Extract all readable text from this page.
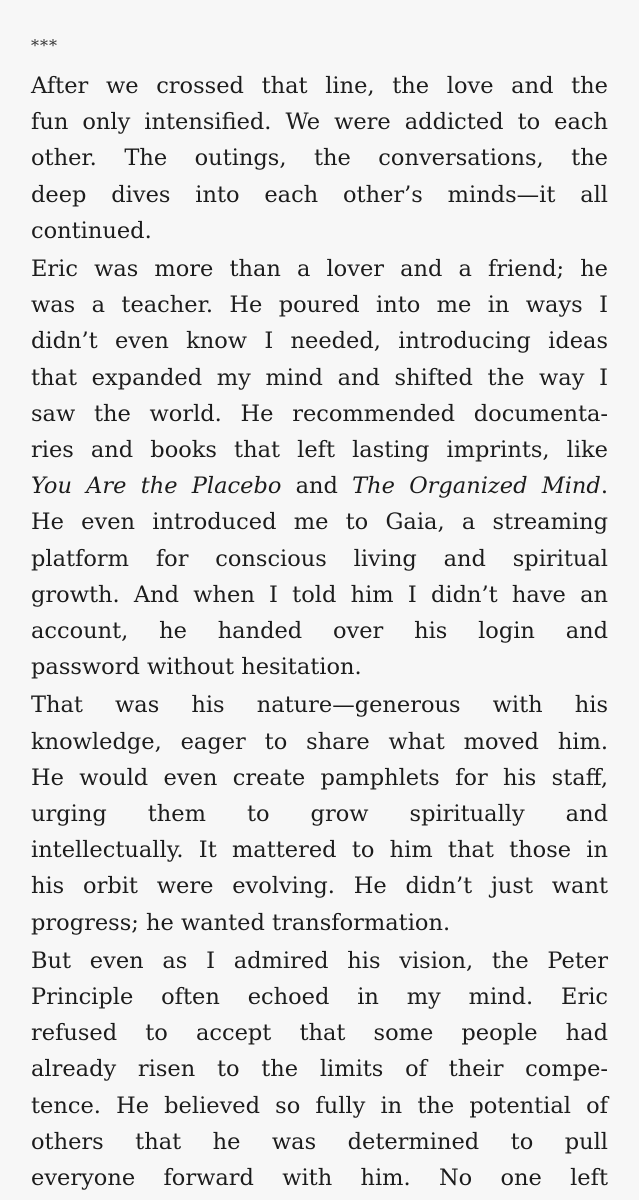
***
After we crossed that line, the love and the
fun only intensified. We were addicted to each
other. The outings, the conversations, the
deep dives into each other’s minds—it all
continued.
Eric was more than a lover and a friend; he
was a teacher. He poured into me in ways I
didn’t even know I needed, introducing ideas
that expanded my mind and shifted the way I
saw the world. He recommended documenta-
ries and books that left lasting imprints, like
You Are the Placebo and The Organized Mind.
He even introduced me to Gaia, a streaming
platform for conscious living and spiritual
growth. And when I told him I didn’t have an
account, he handed over his login and
password without hesitation.
That was his nature—generous with his
knowledge, eager to share what moved him.
He would even create pamphlets for his staff,
urging them to grow spiritually and
intellectually. It mattered to him that those in
his orbit were evolving. He didn’t just want
progress; he wanted transformation.
But even as I admired his vision, the Peter
Principle often echoed in my mind. Eric
refused to accept that some people had
already risen to the limits of their compe-
tence. He believed so fully in the potential of
others that he was determined to pull
everyone forward with him. No one left
